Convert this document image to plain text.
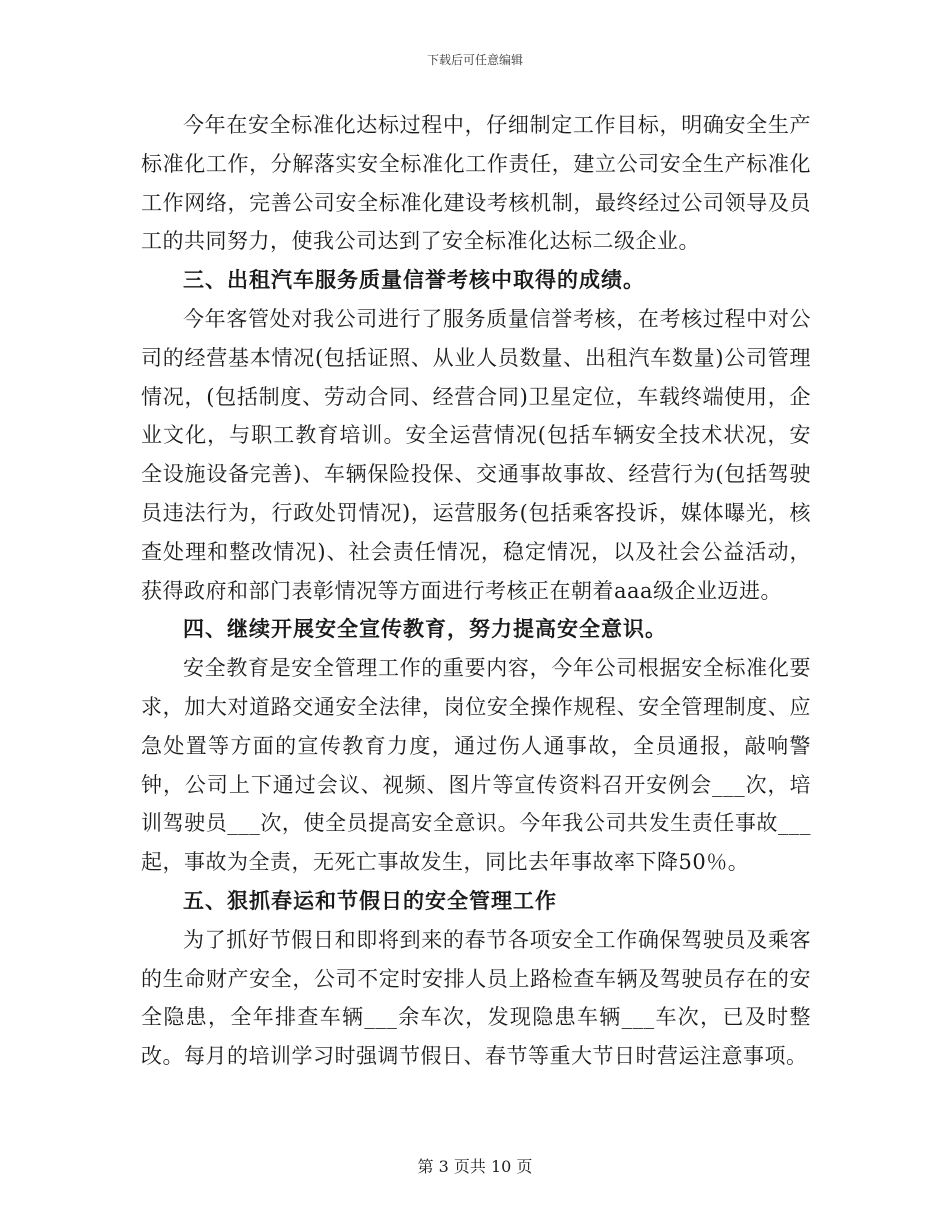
下载后可任意编辑

今年在安全标准化达标过程中，仔细制定工作目标，明确安全生产标准化工作，分解落实安全标准化工作责任，建立公司安全生产标准化工作网络，完善公司安全标准化建设考核机制，最终经过公司领导及员工的共同努力，使我公司达到了安全标准化达标二级企业。

三、出租汽车服务质量信誉考核中取得的成绩。

今年客管处对我公司进行了服务质量信誉考核，在考核过程中对公司的经营基本情况(包括证照、从业人员数量、出租汽车数量)公司管理情况，(包括制度、劳动合同、经营合同)卫星定位，车载终端使用，企业文化，与职工教育培训。安全运营情况(包括车辆安全技术状况，安全设施设备完善)、车辆保险投保、交通事故事故、经营行为(包括驾驶员违法行为，行政处罚情况)，运营服务(包括乘客投诉，媒体曝光，核查处理和整改情况)、社会责任情况，稳定情况，以及社会公益活动，获得政府和部门表彰情况等方面进行考核正在朝着aaa级企业迈进。

四、继续开展安全宣传教育，努力提高安全意识。

安全教育是安全管理工作的重要内容，今年公司根据安全标准化要求，加大对道路交通安全法律，岗位安全操作规程、安全管理制度、应急处置等方面的宣传教育力度，通过伤人通事故，全员通报，敲响警钟，公司上下通过会议、视频、图片等宣传资料召开安例会___次，培训驾驶员___次，使全员提高安全意识。今年我公司共发生责任事故___起，事故为全责，无死亡事故发生，同比去年事故率下降50％。

五、狠抓春运和节假日的安全管理工作

为了抓好节假日和即将到来的春节各项安全工作确保驾驶员及乘客的生命财产安全，公司不定时安排人员上路检查车辆及驾驶员存在的安全隐患，全年排查车辆___余车次，发现隐患车辆___车次，已及时整改。每月的培训学习时强调节假日、春节等重大节日时营运注意事项。

第 3 页共 10 页
